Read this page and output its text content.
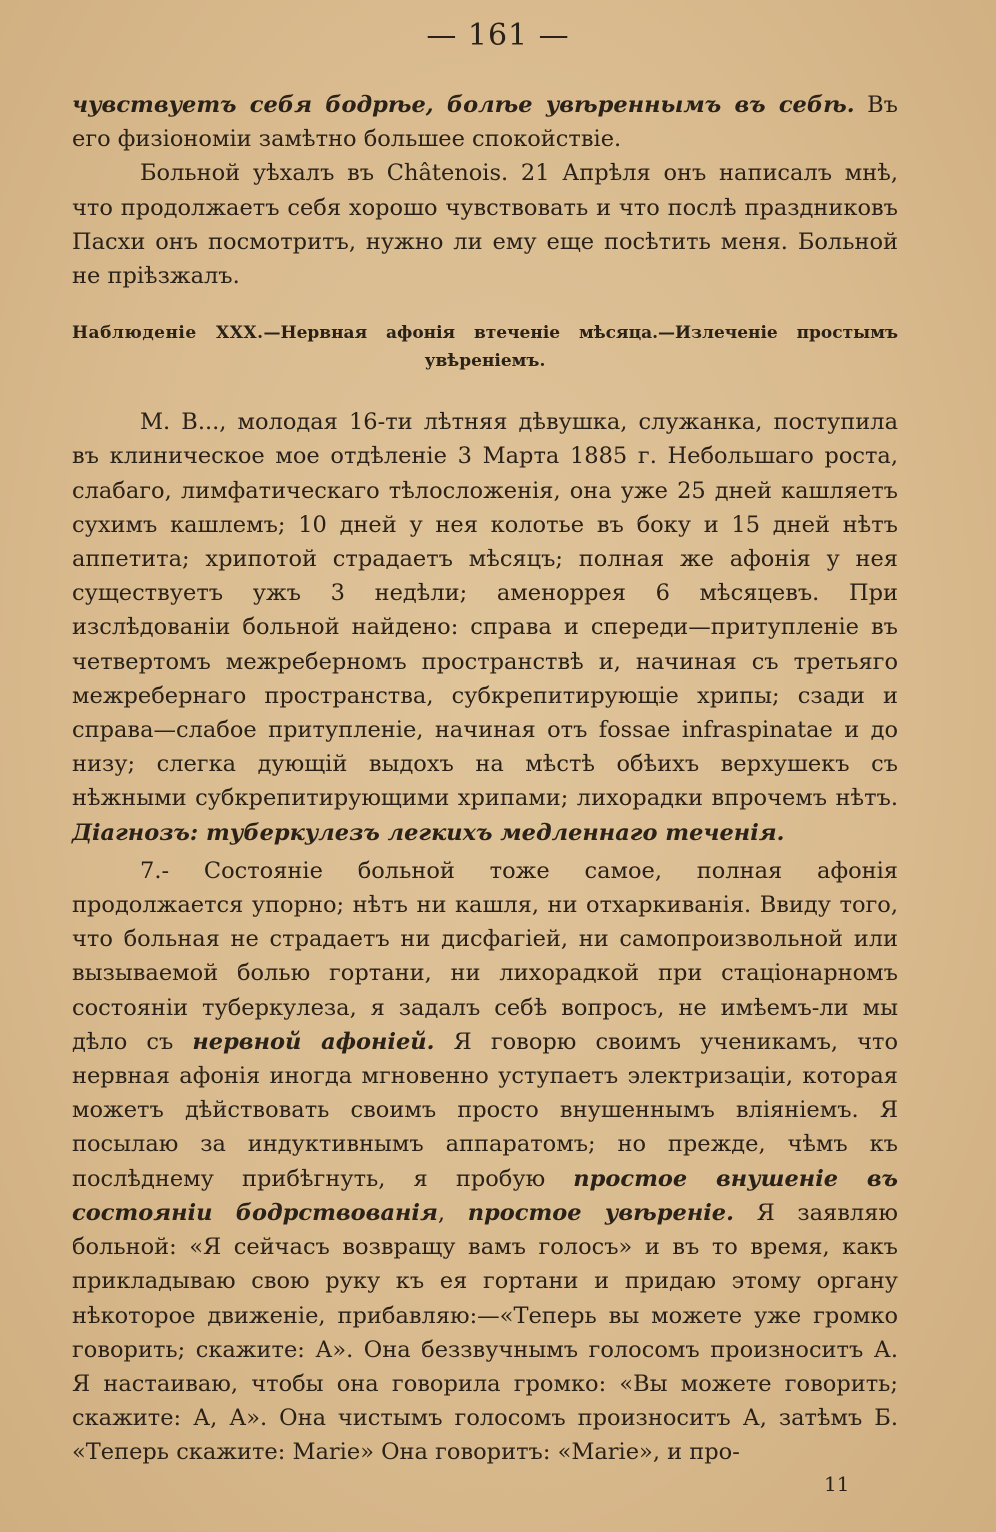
— 161 —

чувствуетъ себя бодрѣе, болѣе увѣреннымъ въ себѣ. Въ его физіономіи замѣтно большее спокойствіе.

Больной уѣхалъ въ Châtenois. 21 Апрѣля онъ написалъ мнѣ, что продолжаетъ себя хорошо чувствовать и что послѣ праздниковъ Пасхи онъ посмотритъ, нужно ли ему еще посѣтить меня. Больной не пріѣзжалъ.

Наблюденіе XXX.—Нервная афонія втеченіе мѣсяца.—Излеченіе простымъ увѣреніемъ.

M. B..., молодая 16-ти лѣтняя дѣвушка, служанка, поступила въ клиническое мое отдѣленіе 3 Марта 1885 г. Небольшаго роста, слабаго, лимфатическаго тѣлосложенія, она уже 25 дней кашляетъ сухимъ кашлемъ; 10 дней у нея колотье въ боку и 15 дней нѣтъ аппетита; хрипотой страдаетъ мѣсяцъ; полная же афонія у нея существуетъ ужъ 3 недѣли; аменоррея 6 мѣсяцевъ. При изслѣдованіи больной найдено: справа и спереди—притупленіе въ четвертомъ межреберномъ пространствѣ и, начиная съ третьяго межребернаго пространства, субкрепитирующіе хрипы; сзади и справа—слабое притупленіе, начиная отъ fossae infraspinatae и до низу; слегка дующій выдохъ на мѣстѣ обѣихъ верхушекъ съ нѣжными субкрепитирующими хрипами; лихорадки впрочемъ нѣтъ. Діагнозъ: туберкулезъ легкихъ медленнаго теченія.

7.- Состояніе больной тоже самое, полная афонія продолжается упорно; нѣтъ ни кашля, ни отхаркиванія. Ввиду того, что больная не страдаетъ ни дисфагіей, ни самопроизвольной или вызываемой болью гортани, ни лихорадкой при стаціонарномъ состояніи туберкулеза, я задалъ себѣ вопросъ, не имѣемъ-ли мы дѣло съ нервной афоніей. Я говорю своимъ ученикамъ, что нервная афонія иногда мгновенно уступаетъ электризаціи, которая можетъ дѣйствовать своимъ просто внушеннымъ вліяніемъ. Я посылаю за индуктивнымъ аппаратомъ; но прежде, чѣмъ къ послѣднему прибѣгнуть, я пробую простое внушеніе въ состояніи бодрствованія, простое увѣреніе. Я заявляю больной: «Я сейчасъ возвращу вамъ голосъ» и въ то время, какъ прикладываю свою руку къ ея гортани и придаю этому органу нѣкоторое движеніе, прибавляю:—«Теперь вы можете уже громко говорить; скажите: А». Она беззвучнымъ голосомъ произноситъ А. Я настаиваю, чтобы она говорила громко: «Вы можете говорить; скажите: А, А». Она чистымъ голосомъ произноситъ А, затѣмъ Б. «Теперь скажите: Marie» Она говоритъ: «Marie», и про-

11
